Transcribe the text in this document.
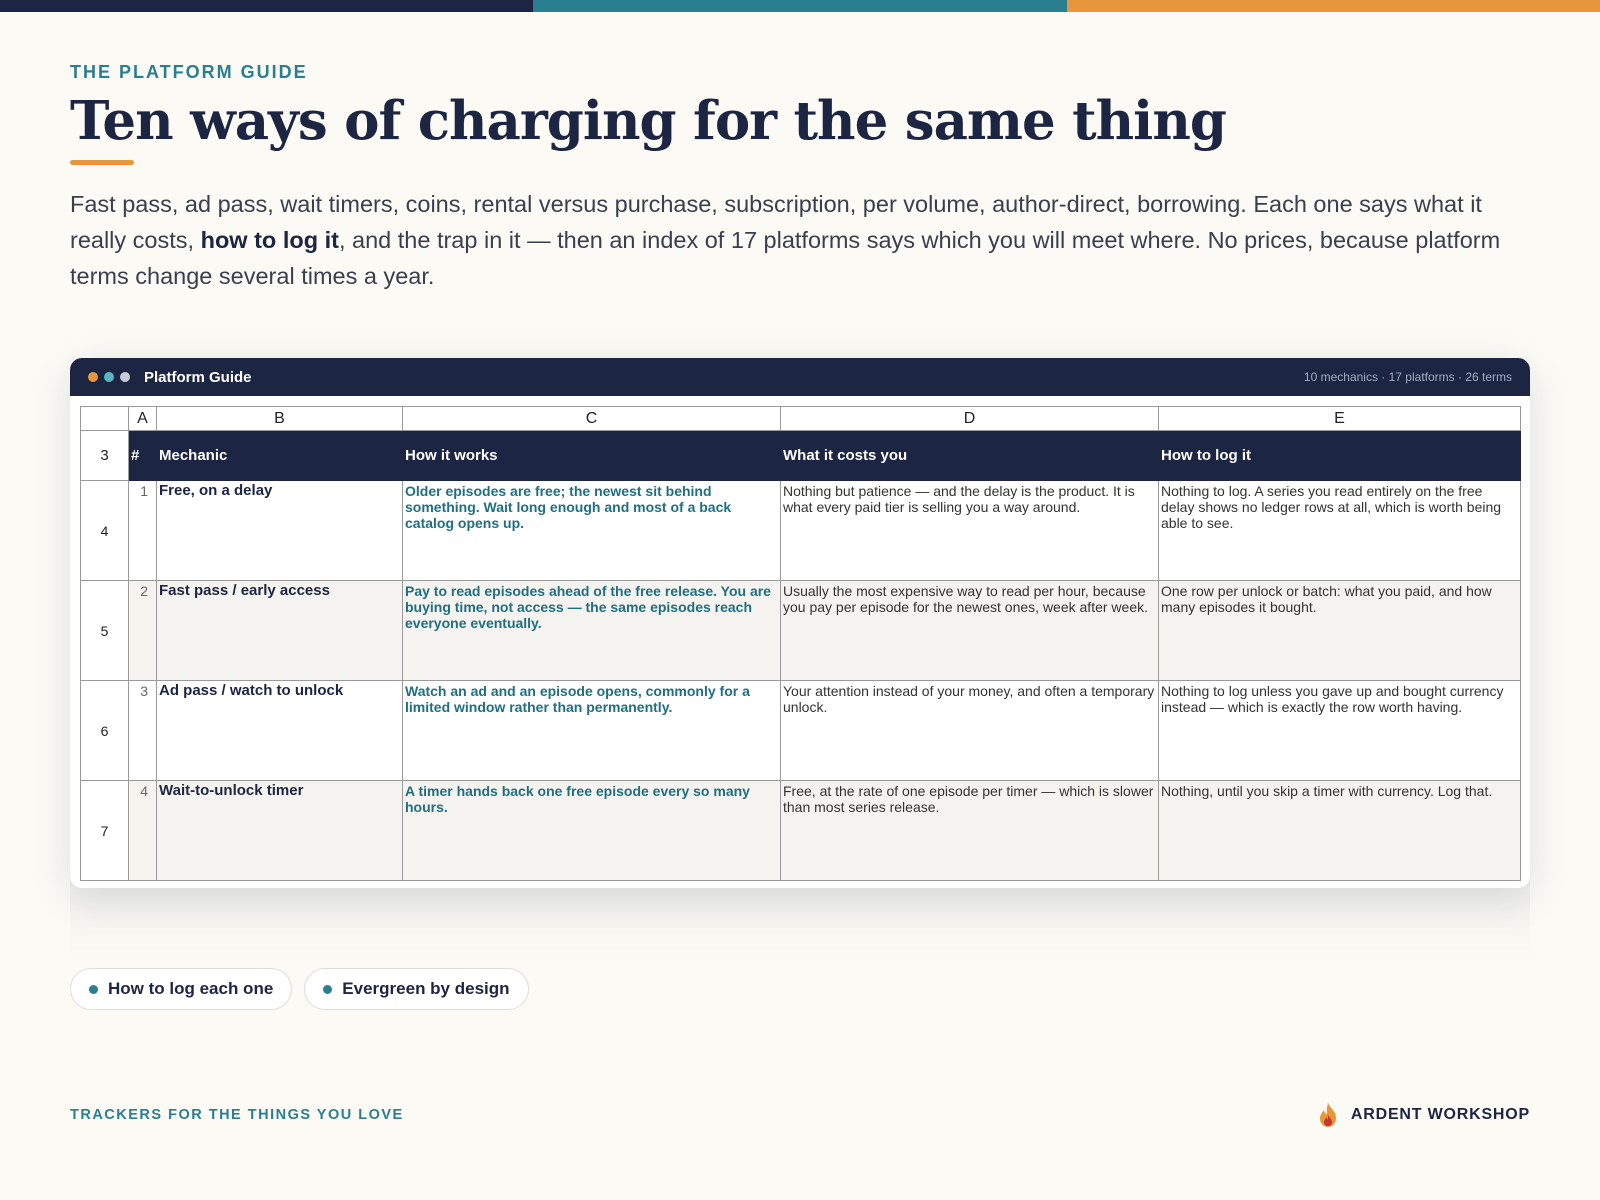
THE PLATFORM GUIDE
Ten ways of charging for the same thing

Fast pass, ad pass, wait timers, coins, rental versus purchase, subscription, per volume, author-direct, borrowing. Each one says what it really costs, how to log it, and the trap in it — then an index of 17 platforms says which you will meet where. No prices, because platform terms change several times a year.

Platform Guide	10 mechanics · 17 platforms · 26 terms
	A	B	C	D	E
3	#	Mechanic	How it works	What it costs you	How to log it
4	1	Free, on a delay	Older episodes are free; the newest sit behind something. Wait long enough and most of a back catalog opens up.	Nothing but patience — and the delay is the product. It is what every paid tier is selling you a way around.	Nothing to log. A series you read entirely on the free delay shows no ledger rows at all, which is worth being able to see.
5	2	Fast pass / early access	Pay to read episodes ahead of the free release. You are buying time, not access — the same episodes reach everyone eventually.	Usually the most expensive way to read per hour, because you pay per episode for the newest ones, week after week.	One row per unlock or batch: what you paid, and how many episodes it bought.
6	3	Ad pass / watch to unlock	Watch an ad and an episode opens, commonly for a limited window rather than permanently.	Your attention instead of your money, and often a temporary unlock.	Nothing to log unless you gave up and bought currency instead — which is exactly the row worth having.
7	4	Wait-to-unlock timer	A timer hands back one free episode every so many hours.	Free, at the rate of one episode per timer — which is slower than most series release.	Nothing, until you skip a timer with currency. Log that.
How to log each one	Evergreen by design
TRACKERS FOR THE THINGS YOU LOVE	ARDENT WORKSHOP
